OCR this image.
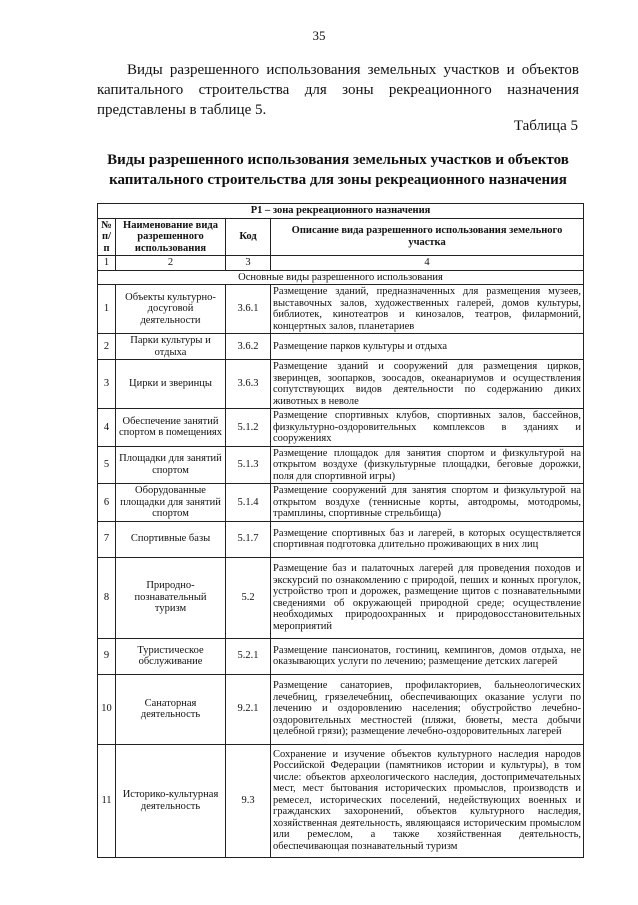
35
Виды разрешенного использования земельных участков и объектов капитального строительства для зоны рекреационного назначения представлены в таблице 5.
Таблица 5
Виды разрешенного использования земельных участков и объектов капитального строительства для зоны рекреационного назначения
Р1 – зона рекреационного назначения			
№ п/п	Наименование вида разрешенного использования	Код	Описание вида разрешенного использования земельного участка
1	2	3	4
Основные виды разрешенного использования			
1	Объекты культурно-досуговой деятельности	3.6.1	Размещение зданий, предназначенных для размещения музеев, выставочных залов, художественных галерей, домов культуры, библиотек, кинотеатров и кинозалов, театров, филармоний, концертных залов, планетариев
2	Парки культуры и отдыха	3.6.2	Размещение парков культуры и отдыха
3	Цирки и зверинцы	3.6.3	Размещение зданий и сооружений для размещения цирков, зверинцев, зоопарков, зоосадов, океанариумов и осуществления сопутствующих видов деятельности по содержанию диких животных в неволе
4	Обеспечение занятий спортом в помещениях	5.1.2	Размещение спортивных клубов, спортивных залов, бассейнов, физкультурно-оздоровительных комплексов в зданиях и сооружениях
5	Площадки для занятий спортом	5.1.3	Размещение площадок для занятия спортом и физкультурой на открытом воздухе (физкультурные площадки, беговые дорожки, поля для спортивной игры)
6	Оборудованные площадки для занятий спортом	5.1.4	Размещение сооружений для занятия спортом и физкультурой на открытом воздухе (теннисные корты, автодромы, мотодромы, трамплины, спортивные стрельбища)
7	Спортивные базы	5.1.7	Размещение спортивных баз и лагерей, в которых осуществляется спортивная подготовка длительно проживающих в них лиц
8	Природно-познавательный туризм	5.2	Размещение баз и палаточных лагерей для проведения походов и экскурсий по ознакомлению с природой, пеших и конных прогулок, устройство троп и дорожек, размещение щитов с познавательными сведениями об окружающей природной среде; осуществление необходимых природоохранных и природовосстановительных мероприятий
9	Туристическое обслуживание	5.2.1	Размещение пансионатов, гостиниц, кемпингов, домов отдыха, не оказывающих услуги по лечению; размещение детских лагерей
10	Санаторная деятельность	9.2.1	Размещение санаториев, профилакториев, бальнеологических лечебниц, грязелечебниц, обеспечивающих оказание услуги по лечению и оздоровлению населения; обустройство лечебно-оздоровительных местностей (пляжи, бюветы, места добычи целебной грязи); размещение лечебно-оздоровительных лагерей
11	Историко-культурная деятельность	9.3	Сохранение и изучение объектов культурного наследия народов Российской Федерации (памятников истории и культуры), в том числе: объектов археологического наследия, достопримечательных мест, мест бытования исторических промыслов, производств и ремесел, исторических поселений, недействующих военных и гражданских захоронений, объектов культурного наследия, хозяйственная деятельность, являющаяся историческим промыслом или ремеслом, а также хозяйственная деятельность, обеспечивающая познавательный туризм
